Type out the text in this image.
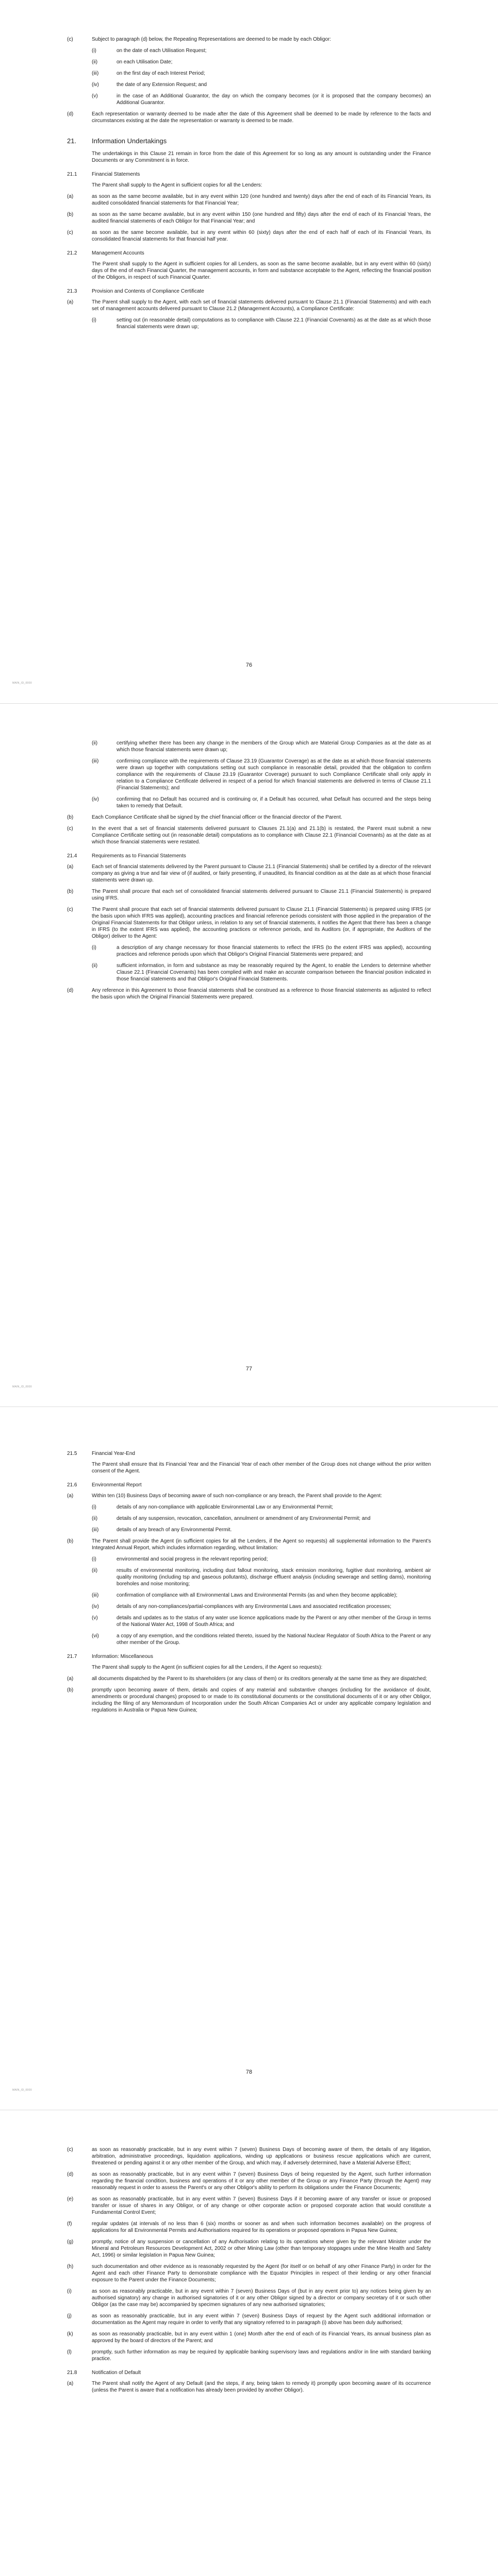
(c)	Subject to paragraph (d) below, the Repeating Representations are deemed to be made by each Obligor:
(i)	on the date of each Utilisation Request;
(ii)	on each Utilisation Date;
(iii)	on the first day of each Interest Period;
(iv)	the date of any Extension Request; and
(v)	in the case of an Additional Guarantor, the day on which the company becomes (or it is proposed that the company becomes) an Additional Guarantor.
(d)	Each representation or warranty deemed to be made after the date of this Agreement shall be deemed to be made by reference to the facts and circumstances existing at the date the representation or warranty is deemed to be made.
21.	Information Undertakings
The undertakings in this Clause 21 remain in force from the date of this Agreement for so long as any amount is outstanding under the Finance Documents or any Commitment is in force.
21.1	Financial Statements
The Parent shall supply to the Agent in sufficient copies for all the Lenders:
(a)	as soon as the same become available, but in any event within 120 (one hundred and twenty) days after the end of each of its Financial Years, its audited consolidated financial statements for that Financial Year;
(b)	as soon as the same became available, but in any event within 150 (one hundred and fifty) days after the end of each of its Financial Years, the audited financial statements of each Obligor for that Financial Year; and
(c)	as soon as the same become available, but in any event within 60 (sixty) days after the end of each half of each of its Financial Years, its consolidated financial statements for that financial half year.
21.2	Management Accounts
The Parent shall supply to the Agent in sufficient copies for all Lenders, as soon as the same become available, but in any event within 60 (sixty) days of the end of each Financial Quarter, the management accounts, in form and substance acceptable to the Agent, reflecting the financial position of the Obligors, in respect of such Financial Quarter.
21.3	Provision and Contents of Compliance Certificate
(a)	The Parent shall supply to the Agent, with each set of financial statements delivered pursuant to Clause 21.1 (Financial Statements) and with each set of management accounts delivered pursuant to Clause 21.2 (Management Accounts), a Compliance Certificate:
(i)	setting out (in reasonable detail) computations as to compliance with Clause 22.1 (Financial Covenants) as at the date as at which those financial statements were drawn up;
76
MAIN_ID_0000
(ii)	certifying whether there has been any change in the members of the Group which are Material Group Companies as at the date as at which those financial statements were drawn up;
(iii)	confirming compliance with the requirements of Clause 23.19 (Guarantor Coverage) as at the date as at which those financial statements were drawn up together with computations setting out such compliance in reasonable detail, provided that the obligation to confirm compliance with the requirements of Clause 23.19 (Guarantor Coverage) pursuant to such Compliance Certificate shall only apply in relation to a Compliance Certificate delivered in respect of a period for which financial statements are delivered in terms of Clause 21.1 (Financial Statements); and
(iv)	confirming that no Default has occurred and is continuing or, if a Default has occurred, what Default has occurred and the steps being taken to remedy that Default.
(b)	Each Compliance Certificate shall be signed by the chief financial officer or the financial director of the Parent.
(c)	In the event that a set of financial statements delivered pursuant to Clauses 21.1(a) and 21.1(b) is restated, the Parent must submit a new Compliance Certificate setting out (in reasonable detail) computations as to compliance with Clause 22.1 (Financial Covenants) as at the date as at which those financial statements were restated.
21.4	Requirements as to Financial Statements
(a)	Each set of financial statements delivered by the Parent pursuant to Clause 21.1 (Financial Statements) shall be certified by a director of the relevant company as giving a true and fair view of (if audited, or fairly presenting, if unaudited, its financial condition as at the date as at which those financial statements were drawn up.
(b)	The Parent shall procure that each set of consolidated financial statements delivered pursuant to Clause 21.1 (Financial Statements) is prepared using IFRS.
(c)	The Parent shall procure that each set of financial statements delivered pursuant to Clause 21.1 (Financial Statements) is prepared using IFRS (or the basis upon which IFRS was applied), accounting practices and financial reference periods consistent with those applied in the preparation of the Original Financial Statements for that Obligor unless, in relation to any set of financial statements, it notifies the Agent that there has been a change in IFRS (to the extent IFRS was applied), the accounting practices or reference periods, and its Auditors (or, if appropriate, the Auditors of the Obligor) deliver to the Agent:
(i)	a description of any change necessary for those financial statements to reflect the IFRS (to the extent IFRS was applied), accounting practices and reference periods upon which that Obligor's Original Financial Statements were prepared; and
(ii)	sufficient information, in form and substance as may be reasonably required by the Agent, to enable the Lenders to determine whether Clause 22.1 (Financial Covenants) has been complied with and make an accurate comparison between the financial position indicated in those financial statements and that Obligor's Original Financial Statements.
(d)	Any reference in this Agreement to those financial statements shall be construed as a reference to those financial statements as adjusted to reflect the basis upon which the Original Financial Statements were prepared.
77
MAIN_ID_0000
21.5	Financial Year-End
The Parent shall ensure that its Financial Year and the Financial Year of each other member of the Group does not change without the prior written consent of the Agent.
21.6	Environmental Report
(a)	Within ten (10) Business Days of becoming aware of such non-compliance or any breach, the Parent shall provide to the Agent:
(i)	details of any non-compliance with applicable Environmental Law or any Environmental Permit;
(ii)	details of any suspension, revocation, cancellation, annulment or amendment of any Environmental Permit; and
(iii)	details of any breach of any Environmental Permit.
(b)	The Parent shall provide the Agent (in sufficient copies for all the Lenders, if the Agent so requests) all supplemental information to the Parent's Integrated Annual Report, which includes information regarding, without limitation:
(i)	environmental and social progress in the relevant reporting period;
(ii)	results of environmental monitoring, including dust fallout monitoring, stack emission monitoring, fugitive dust monitoring, ambient air quality monitoring (including tsp and gaseous pollutants), discharge effluent analysis (including sewerage and settling dams), monitoring boreholes and noise monitoring;
(iii)	confirmation of compliance with all Environmental Laws and Environmental Permits (as and when they become applicable);
(iv)	details of any non-compliances/partial-compliances with any Environmental Laws and associated rectification processes;
(v)	details and updates as to the status of any water use licence applications made by the Parent or any other member of the Group in terms of the National Water Act, 1998 of South Africa; and
(vi)	a copy of any exemption, and the conditions related thereto, issued by the National Nuclear Regulator of South Africa to the Parent or any other member of the Group.
21.7	Information: Miscellaneous
The Parent shall supply to the Agent (in sufficient copies for all the Lenders, if the Agent so requests):
(a)	all documents dispatched by the Parent to its shareholders (or any class of them) or its creditors generally at the same time as they are dispatched;
(b)	promptly upon becoming aware of them, details and copies of any material and substantive changes (including for the avoidance of doubt, amendments or procedural changes) proposed to or made to its constitutional documents or the constitutional documents of it or any other Obligor, including the filing of any Memorandum of Incorporation under the South African Companies Act or under any applicable company legislation and regulations in Australia or Papua New Guinea;
78
MAIN_ID_0000
(c)	as soon as reasonably practicable, but in any event within 7 (seven) Business Days of becoming aware of them, the details of any litigation, arbitration, administrative proceedings, liquidation applications, winding up applications or business rescue applications which are current, threatened or pending against it or any other member of the Group, and which may, if adversely determined, have a Material Adverse Effect;
(d)	as soon as reasonably practicable, but in any event within 7 (seven) Business Days of being requested by the Agent, such further information regarding the financial condition, business and operations of it or any other member of the Group or any Finance Party (through the Agent) may reasonably request in order to assess the Parent's or any other Obligor's ability to perform its obligations under the Finance Documents;
(e)	as soon as reasonably practicable, but in any event within 7 (seven) Business Days if it becoming aware of any transfer or issue or proposed transfer or issue of shares in any Obligor, or of any change or other corporate action or proposed corporate action that would constitute a Fundamental Control Event;
(f)	regular updates (at intervals of no less than 6 (six) months or sooner as and when such information becomes available) on the progress of applications for all Environmental Permits and Authorisations required for its operations or proposed operations in Papua New Guinea;
(g)	promptly, notice of any suspension or cancellation of any Authorisation relating to its operations where given by the relevant Minister under the Mineral and Petroleum Resources Development Act, 2002 or other Mining Law (other than temporary stoppages under the Mine Health and Safety Act, 1996) or similar legislation in Papua New Guinea;
(h)	such documentation and other evidence as is reasonably requested by the Agent (for itself or on behalf of any other Finance Party) in order for the Agent and each other Finance Party to demonstrate compliance with the Equator Principles in respect of their lending or any other financial exposure to the Parent under the Finance Documents;
(i)	as soon as reasonably practicable, but in any event within 7 (seven) Business Days of (but in any event prior to) any notices being given by an authorised signatory) any change in authorised signatories of it or any other Obligor signed by a director or company secretary of it or such other Obligor (as the case may be) accompanied by specimen signatures of any new authorised signatories;
(j)	as soon as reasonably practicable, but in any event within 7 (seven) Business Days of request by the Agent such additional information or documentation as the Agent may require in order to verify that any signatory referred to in paragraph (i) above has been duly authorised;
(k)	as soon as reasonably practicable, but in any event within 1 (one) Month after the end of each of its Financial Years, its annual business plan as approved by the board of directors of the Parent; and
(l)	promptly, such further information as may be required by applicable banking supervisory laws and regulations and/or in line with standard banking practice.
21.8	Notification of Default
(a)	The Parent shall notify the Agent of any Default (and the steps, if any, being taken to remedy it) promptly upon becoming aware of its occurrence (unless the Parent is aware that a notification has already been provided by another Obligor).
